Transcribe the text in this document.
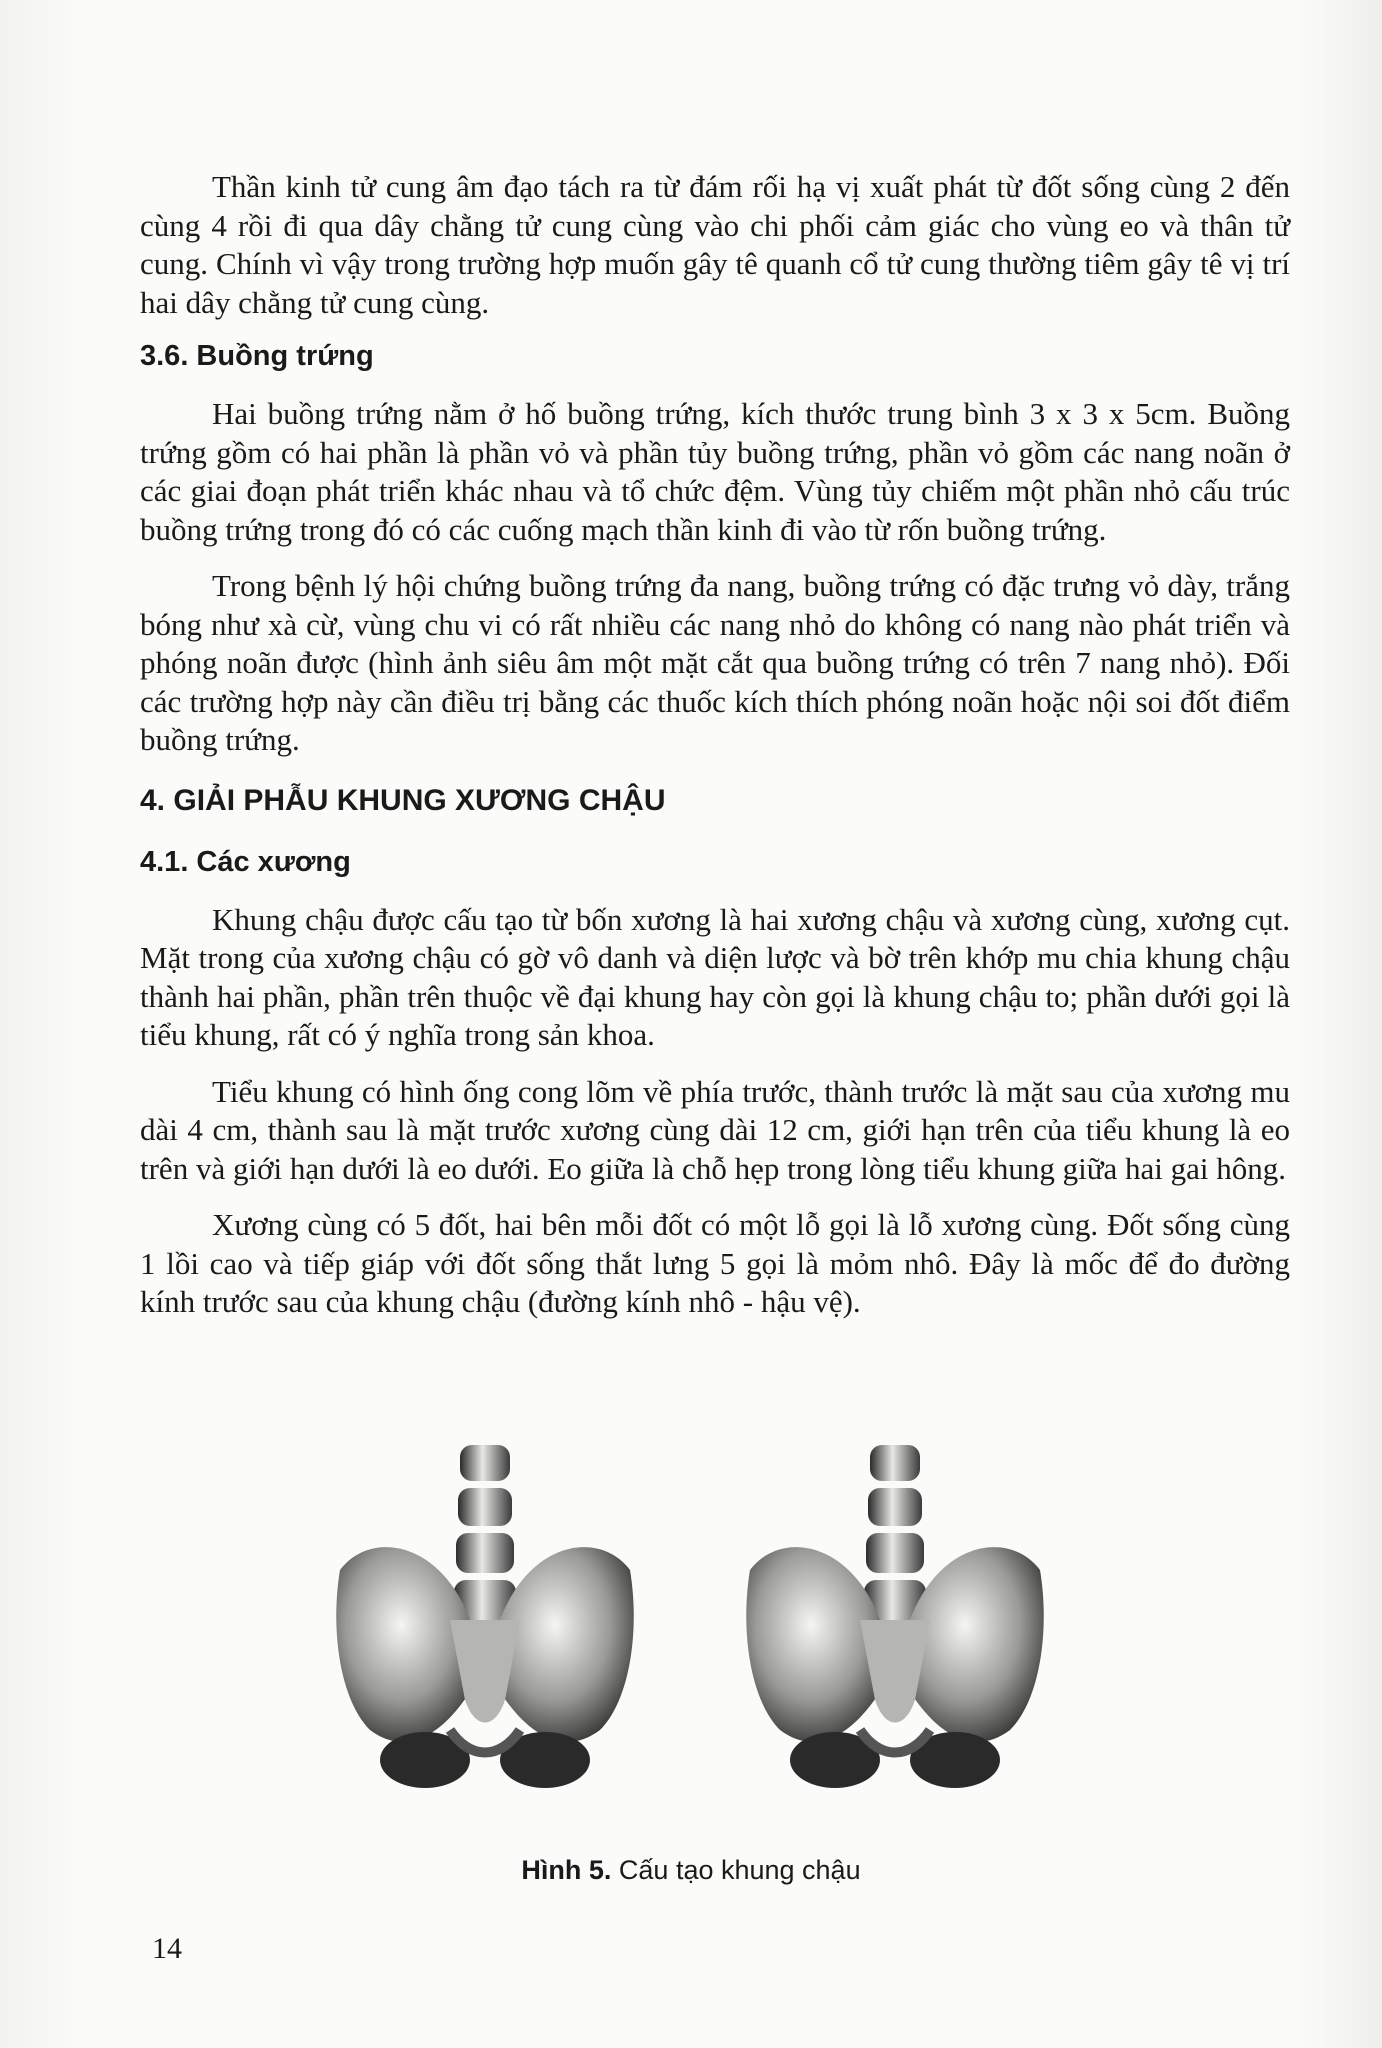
Thần kinh tử cung âm đạo tách ra từ đám rối hạ vị xuất phát từ đốt sống cùng 2 đến cùng 4 rồi đi qua dây chằng tử cung cùng vào chi phối cảm giác cho vùng eo và thân tử cung. Chính vì vậy trong trường hợp muốn gây tê quanh cổ tử cung thường tiêm gây tê vị trí hai dây chằng tử cung cùng.

3.6. Buồng trứng

Hai buồng trứng nằm ở hố buồng trứng, kích thước trung bình 3 x 3 x 5cm. Buồng trứng gồm có hai phần là phần vỏ và phần tủy buồng trứng, phần vỏ gồm các nang noãn ở các giai đoạn phát triển khác nhau và tổ chức đệm. Vùng tủy chiếm một phần nhỏ cấu trúc buồng trứng trong đó có các cuống mạch thần kinh đi vào từ rốn buồng trứng.

Trong bệnh lý hội chứng buồng trứng đa nang, buồng trứng có đặc trưng vỏ dày, trắng bóng như xà cừ, vùng chu vi có rất nhiều các nang nhỏ do không có nang nào phát triển và phóng noãn được (hình ảnh siêu âm một mặt cắt qua buồng trứng có trên 7 nang nhỏ). Đối các trường hợp này cần điều trị bằng các thuốc kích thích phóng noãn hoặc nội soi đốt điểm buồng trứng.

4. GIẢI PHẪU KHUNG XƯƠNG CHẬU
4.1. Các xương

Khung chậu được cấu tạo từ bốn xương là hai xương chậu và xương cùng, xương cụt. Mặt trong của xương chậu có gờ vô danh và diện lược và bờ trên khớp mu chia khung chậu thành hai phần, phần trên thuộc về đại khung hay còn gọi là khung chậu to; phần dưới gọi là tiểu khung, rất có ý nghĩa trong sản khoa.

Tiểu khung có hình ống cong lõm về phía trước, thành trước là mặt sau của xương mu dài 4 cm, thành sau là mặt trước xương cùng dài 12 cm, giới hạn trên của tiểu khung là eo trên và giới hạn dưới là eo dưới. Eo giữa là chỗ hẹp trong lòng tiểu khung giữa hai gai hông.

Xương cùng có 5 đốt, hai bên mỗi đốt có một lỗ gọi là lỗ xương cùng. Đốt sống cùng 1 lồi cao và tiếp giáp với đốt sống thắt lưng 5 gọi là mỏm nhô. Đây là mốc để đo đường kính trước sau của khung chậu (đường kính nhô - hậu vệ).

Hình 5. Cấu tạo khung chậu
14
